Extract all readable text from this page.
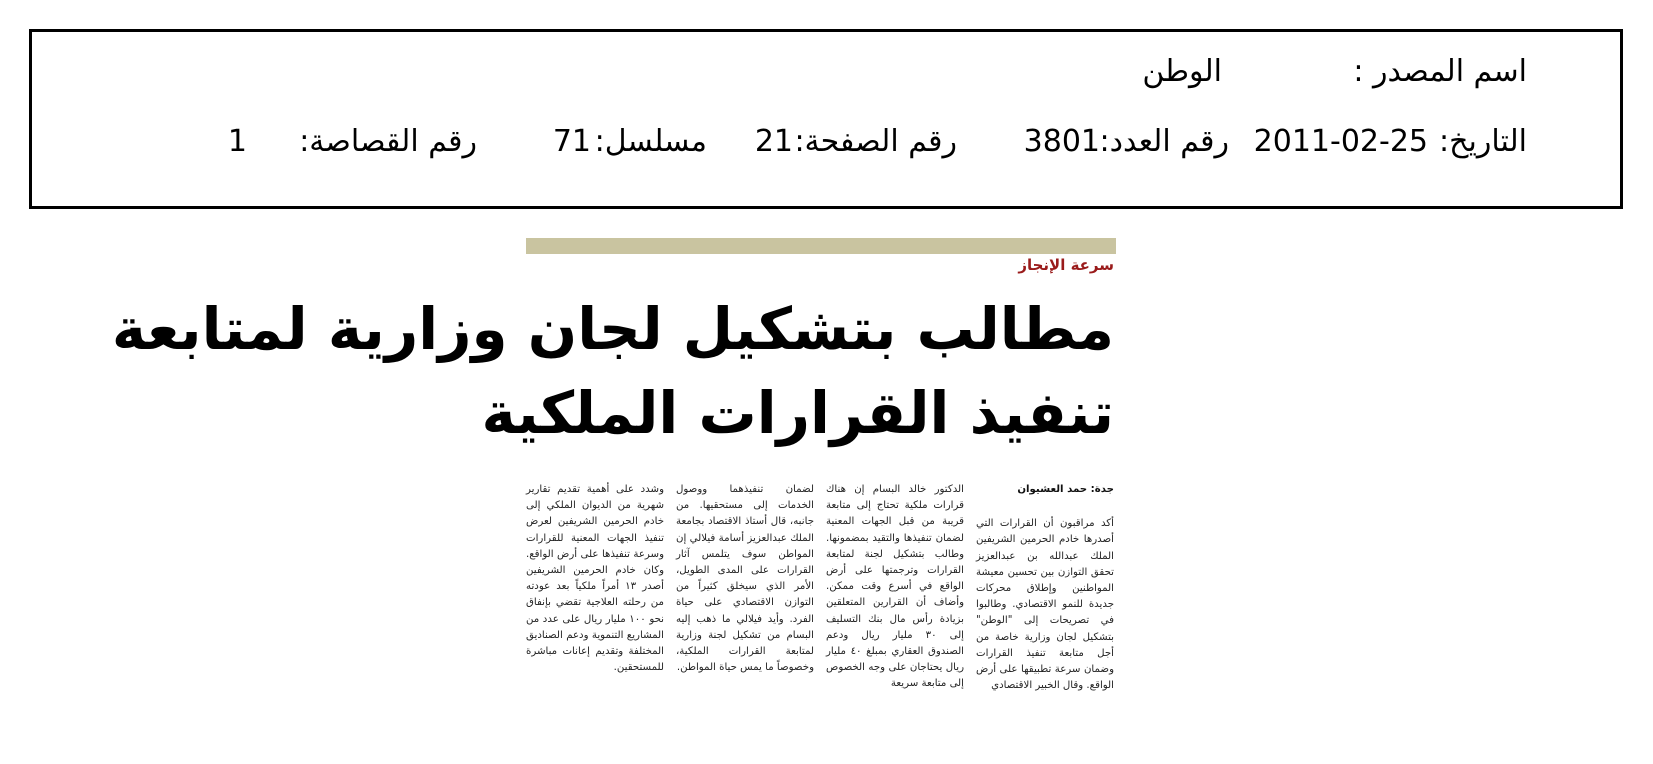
اسم المصدر :
الوطن
التاريخ:
2011-02-25
رقم العدد:
3801
رقم الصفحة:
21
مسلسل:
71
رقم القصاصة:
1
سرعة الإنجاز
مطالب بتشكيل لجان وزارية لمتابعة
تنفيذ القرارات الملكية

جدة: حمد العشيوان

أكد مراقبون أن القرارات التي أصدرها خادم الحرمين الشريفين الملك عبدالله بن عبدالعزيز تحقق التوازن بين تحسين معيشة المواطنين وإطلاق محركات جديدة للنمو الاقتصادي. وطالبوا في تصريحات إلى "الوطن" بتشكيل لجان وزارية خاصة من أجل متابعة تنفيذ القرارات وضمان سرعة تطبيقها على أرض الواقع. وقال الخبير الاقتصادي

الدكتور خالد البسام إن هناك قرارات ملكية تحتاج إلى متابعة قريبة من قبل الجهات المعنية لضمان تنفيذها والتقيد بمضمونها. وطالب بتشكيل لجنة لمتابعة القرارات وترجمتها على أرض الواقع في أسرع وقت ممكن. وأضاف أن القرارين المتعلقين بزيادة رأس مال بنك التسليف إلى ٣٠ مليار ريال ودعم الصندوق العقاري بمبلغ ٤٠ مليار ريال يحتاجان على وجه الخصوص إلى متابعة سريعة

لضمان تنفيذهما ووصول الخدمات إلى مستحقيها. من جانبه، قال أستاذ الاقتصاد بجامعة الملك عبدالعزيز أسامة فيلالي إن المواطن سوف يتلمس آثار القرارات على المدى الطويل، الأمر الذي سيخلق كثيراً من التوازن الاقتصادي على حياة الفرد. وأيد فيلالي ما ذهب إليه البسام من تشكيل لجنة وزارية لمتابعة القرارات الملكية، وخصوصاً ما يمس حياة المواطن.

وشدد على أهمية تقديم تقارير شهرية من الديوان الملكي إلى خادم الحرمين الشريفين لعرض تنفيذ الجهات المعنية للقرارات وسرعة تنفيذها على أرض الواقع. وكان خادم الحرمين الشريفين أصدر ١٣ أمراً ملكياً بعد عودته من رحلته العلاجية تقضي بإنفاق نحو ١٠٠ مليار ريال على عدد من المشاريع التنموية ودعم الصناديق المختلفة وتقديم إعانات مباشرة للمستحقين.
